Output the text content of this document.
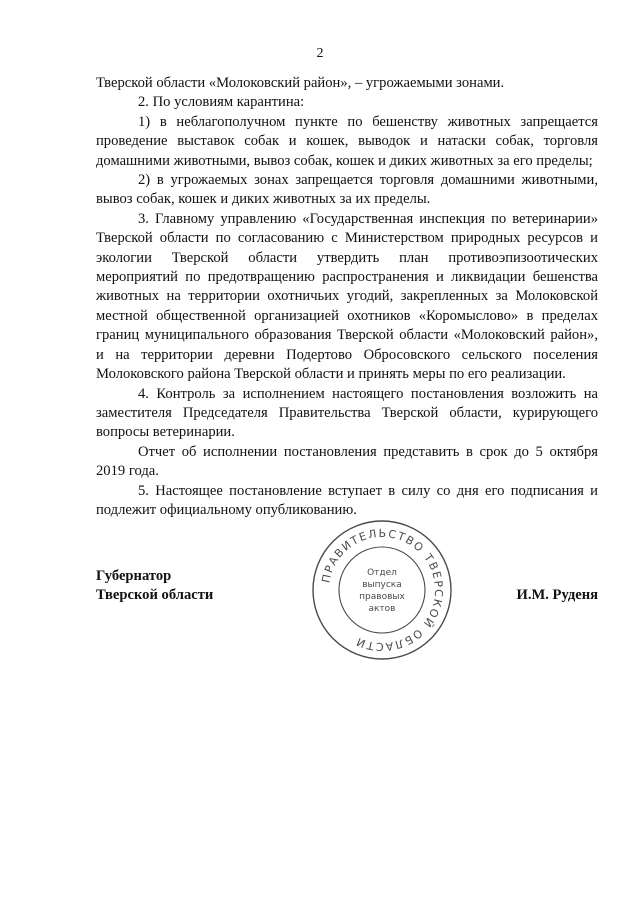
2

Тверской области «Молоковский район», – угрожаемыми зонами.

2. По условиям карантина:

1) в неблагополучном пункте по бешенству животных запрещается проведение выставок собак и кошек, выводок и натаски собак, торговля домашними животными, вывоз собак, кошек и диких животных за его пределы;

2) в угрожаемых зонах запрещается торговля домашними животными, вывоз собак, кошек и диких животных за их пределы.

3. Главному управлению «Государственная инспекция по ветеринарии» Тверской области по согласованию с Министерством природных ресурсов и экологии Тверской области утвердить план противоэпизоотических мероприятий по предотвращению распространения и ликвидации бешенства животных на территории охотничьих угодий, закрепленных за Молоковской местной общественной организацией охотников «Коромыслово» в пределах границ муниципального образования Тверской области «Молоковский район», и на территории деревни Подертово Обросовского сельского поселения Молоковского района Тверской области и принять меры по его реализации.

4. Контроль за исполнением настоящего постановления возложить на заместителя Председателя Правительства Тверской области, курирующего вопросы ветеринарии.

Отчет об исполнении постановления представить в срок до 5 октября 2019 года.

5. Настоящее постановление вступает в силу со дня его подписания и подлежит официальному опубликованию.

Губернатор
Тверской области	И.М. Руденя
ПРАВИТЕЛЬСТВО ТВЕРСКОЙ ОБЛАСТИ
Отдел
выпуска
правовых
актов
